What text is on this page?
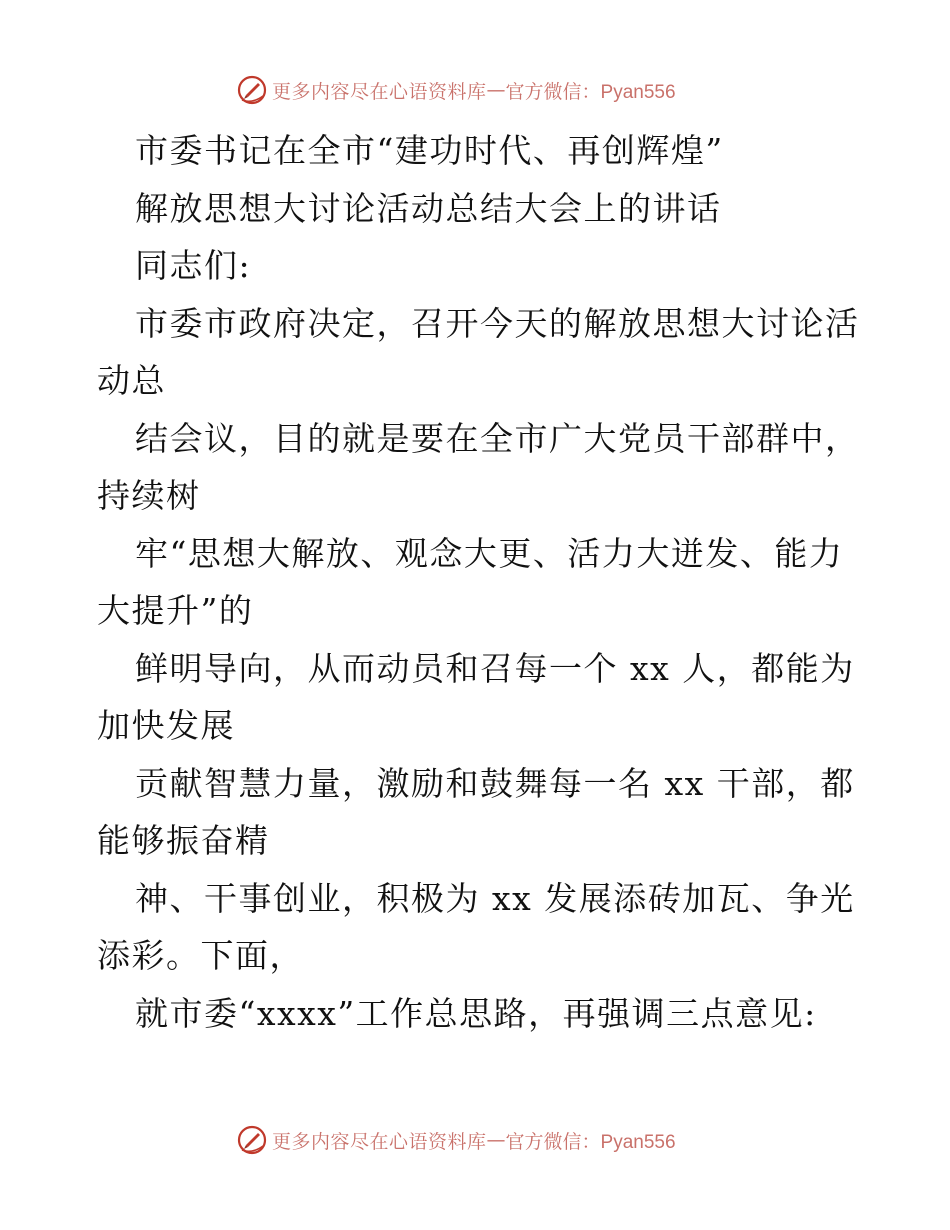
更多内容尽在心语资料库 — 官方微信：Pyan556
市委书记在全市“建功时代、再创辉煌”
解放思想大讨论活动总结大会上的讲话
同志们:
市委市政府决定，召开今天的解放思想大讨论活
动总
结会议，目的就是要在全市广大党员干部群中，
持续树
牢“思想大解放、观念大更、活力大迸发、能力
大提升”的
鲜明导向，从而动员和召每一个 xx 人，都能为
加快发展
贡献智慧力量，激励和鼓舞每一名 xx 干部，都
能够振奋精
神、干事创业，积极为 xx 发展添砖加瓦、争光
添彩。下面，
就市委“xxxx”工作总思路，再强调三点意见:
更多内容尽在心语资料库 — 官方微信：Pyan556
